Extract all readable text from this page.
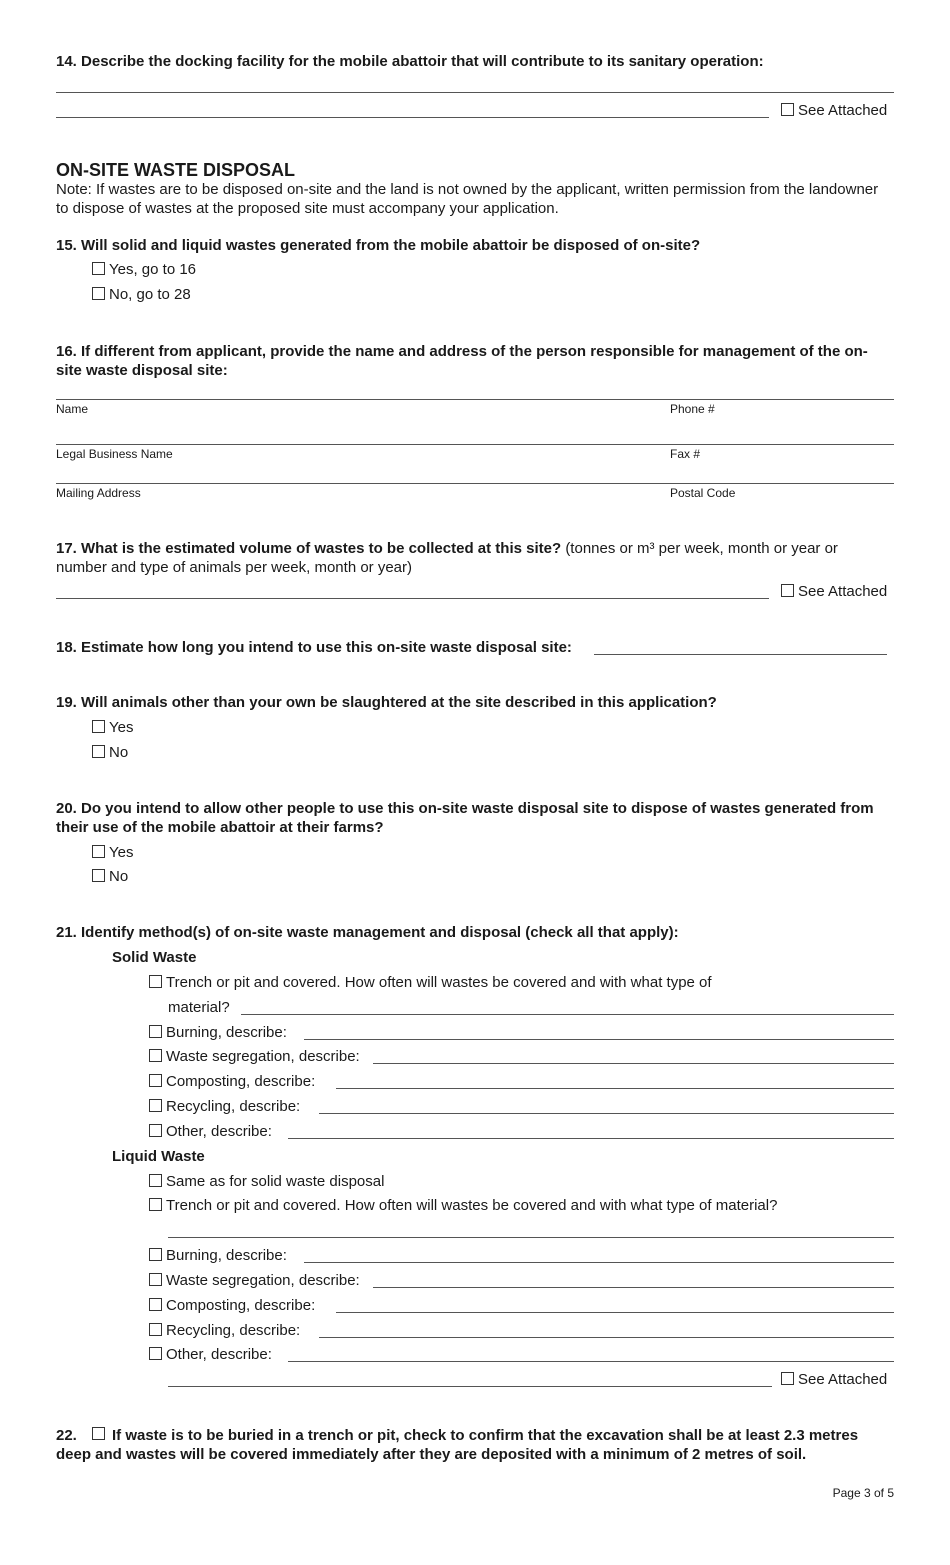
14. Describe the docking facility for the mobile abattoir that will contribute to its sanitary operation:
See Attached
ON-SITE WASTE DISPOSAL
Note: If wastes are to be disposed on-site and the land is not owned by the applicant, written permission from the landowner to dispose of wastes at the proposed site must accompany your application.
15. Will solid and liquid wastes generated from the mobile abattoir be disposed of on-site?
Yes, go to 16
No, go to 28
16. If different from applicant, provide the name and address of the person responsible for management of the on-site waste disposal site:
Name	Phone #
Legal Business Name	Fax #
Mailing Address	Postal Code
17. What is the estimated volume of wastes to be collected at this site? (tonnes or m³ per week, month or year or number and type of animals per week, month or year)
See Attached
18. Estimate how long you intend to use this on-site waste disposal site:
19. Will animals other than your own be slaughtered at the site described in this application?
Yes
No
20. Do you intend to allow other people to use this on-site waste disposal site to dispose of wastes generated from their use of the mobile abattoir at their farms?
Yes
No
21. Identify method(s) of on-site waste management and disposal (check all that apply):
Solid Waste
Trench or pit and covered. How often will wastes be covered and with what type of
material?
Burning, describe:
Waste segregation, describe:
Composting, describe:
Recycling, describe:
Other, describe:
Liquid Waste
Same as for solid waste disposal
Trench or pit and covered. How often will wastes be covered and with what type of material?
Burning, describe:
Waste segregation, describe:
Composting, describe:
Recycling, describe:
Other, describe:
See Attached
22. If waste is to be buried in a trench or pit, check to confirm that the excavation shall be at least 2.3 metres
deep and wastes will be covered immediately after they are deposited with a minimum of 2 metres of soil.
Page 3 of 5
